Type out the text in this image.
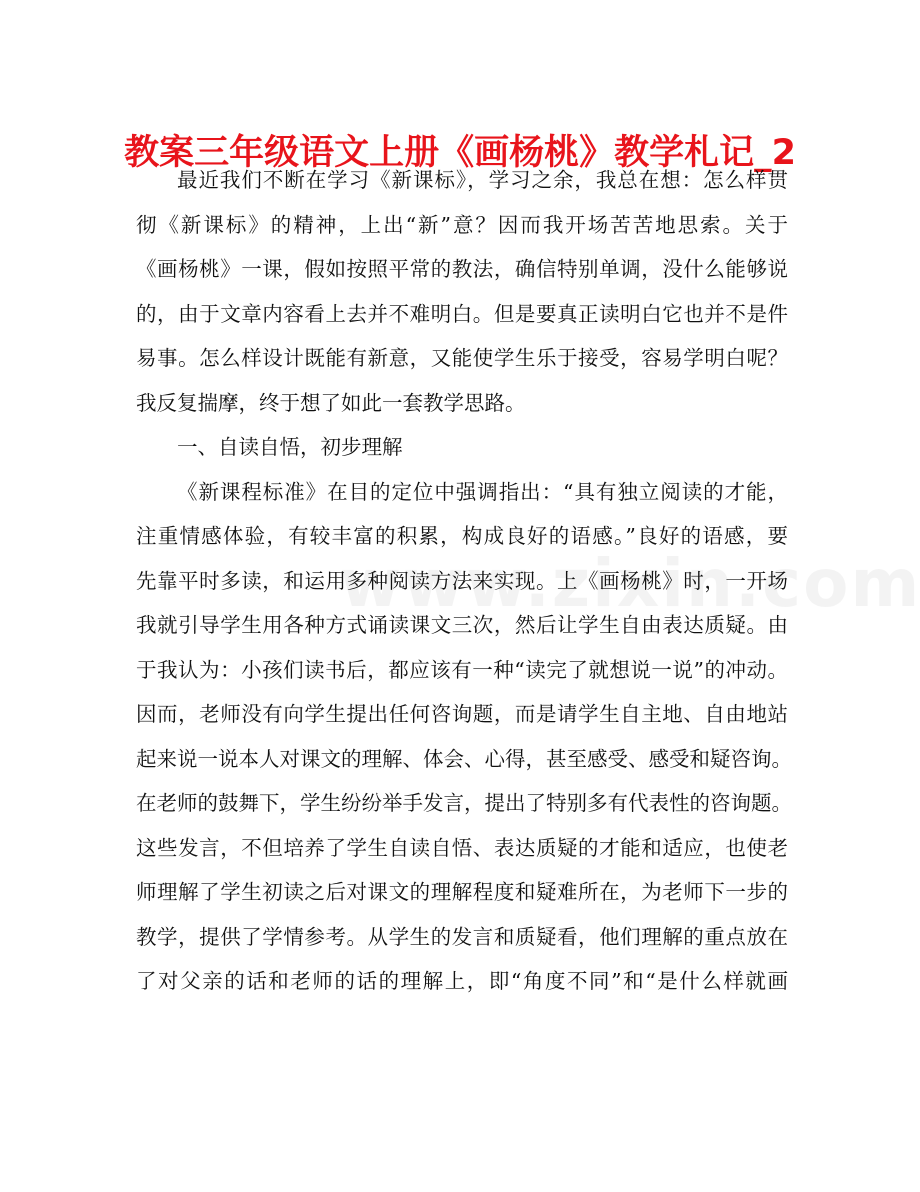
教案三年级语文上册《画杨桃》教学札记_2
最近我们不断在学习《新课标》，学习之余，我总在想：怎么样贯
彻《新课标》的精神，上出“新”意？因而我开场苦苦地思索。关于
《画杨桃》一课，假如按照平常的教法，确信特别单调，没什么能够说
的，由于文章内容看上去并不难明白。但是要真正读明白它也并不是件
易事。怎么样设计既能有新意，又能使学生乐于接受，容易学明白呢？
我反复揣摩，终于想了如此一套教学思路。
一、自读自悟，初步理解
《新课程标准》在目的定位中强调指出：“具有独立阅读的才能，
注重情感体验，有较丰富的积累，构成良好的语感。”良好的语感，要
先靠平时多读，和运用多种阅读方法来实现。上《画杨桃》时，一开场
我就引导学生用各种方式诵读课文三次，然后让学生自由表达质疑。由
于我认为：小孩们读书后，都应该有一种“读完了就想说一说”的冲动。
因而，老师没有向学生提出任何咨询题，而是请学生自主地、自由地站
起来说一说本人对课文的理解、体会、心得，甚至感受、感受和疑咨询。
在老师的鼓舞下，学生纷纷举手发言，提出了特别多有代表性的咨询题。
这些发言，不但培养了学生自读自悟、表达质疑的才能和适应，也使老
师理解了学生初读之后对课文的理解程度和疑难所在，为老师下一步的
教学，提供了学情参考。从学生的发言和质疑看，他们理解的重点放在
了对父亲的话和老师的话的理解上，即“角度不同”和“是什么样就画
